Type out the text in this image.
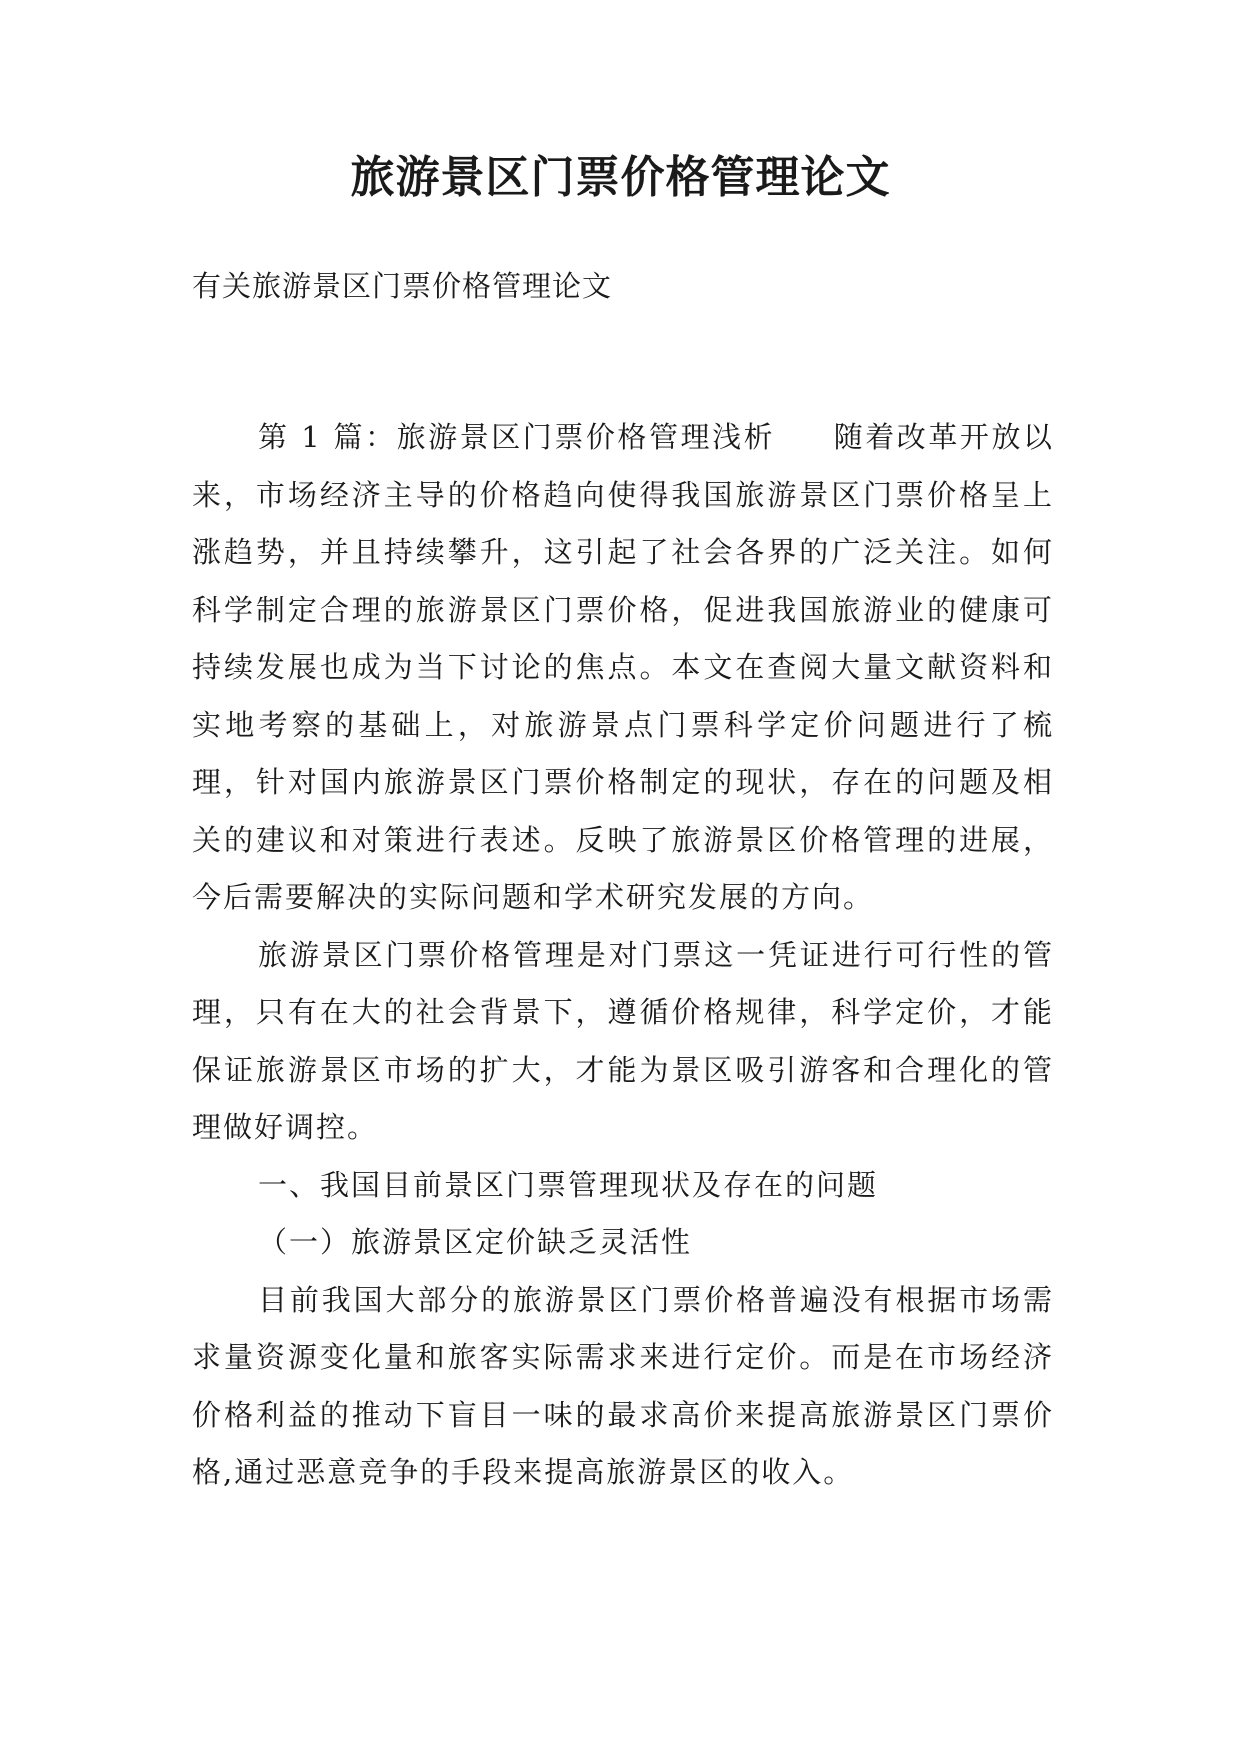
旅游景区门票价格管理论文

有关旅游景区门票价格管理论文

第 1 篇：旅游景区门票价格管理浅析 随着改革开放以来，市场经济主导的价格趋向使得我国旅游景区门票价格呈上涨趋势，并且持续攀升，这引起了社会各界的广泛关注。如何科学制定合理的旅游景区门票价格，促进我国旅游业的健康可持续发展也成为当下讨论的焦点。本文在查阅大量文献资料和实地考察的基础上，对旅游景点门票科学定价问题进行了梳理，针对国内旅游景区门票价格制定的现状，存在的问题及相关的建议和对策进行表述。反映了旅游景区价格管理的进展，今后需要解决的实际问题和学术研究发展的方向。

旅游景区门票价格管理是对门票这一凭证进行可行性的管理，只有在大的社会背景下，遵循价格规律，科学定价，才能保证旅游景区市场的扩大，才能为景区吸引游客和合理化的管理做好调控。

一、我国目前景区门票管理现状及存在的问题

（一）旅游景区定价缺乏灵活性

目前我国大部分的旅游景区门票价格普遍没有根据市场需求量资源变化量和旅客实际需求来进行定价。而是在市场经济价格利益的推动下盲目一味的最求高价来提高旅游景区门票价格,通过恶意竞争的手段来提高旅游景区的收入。
